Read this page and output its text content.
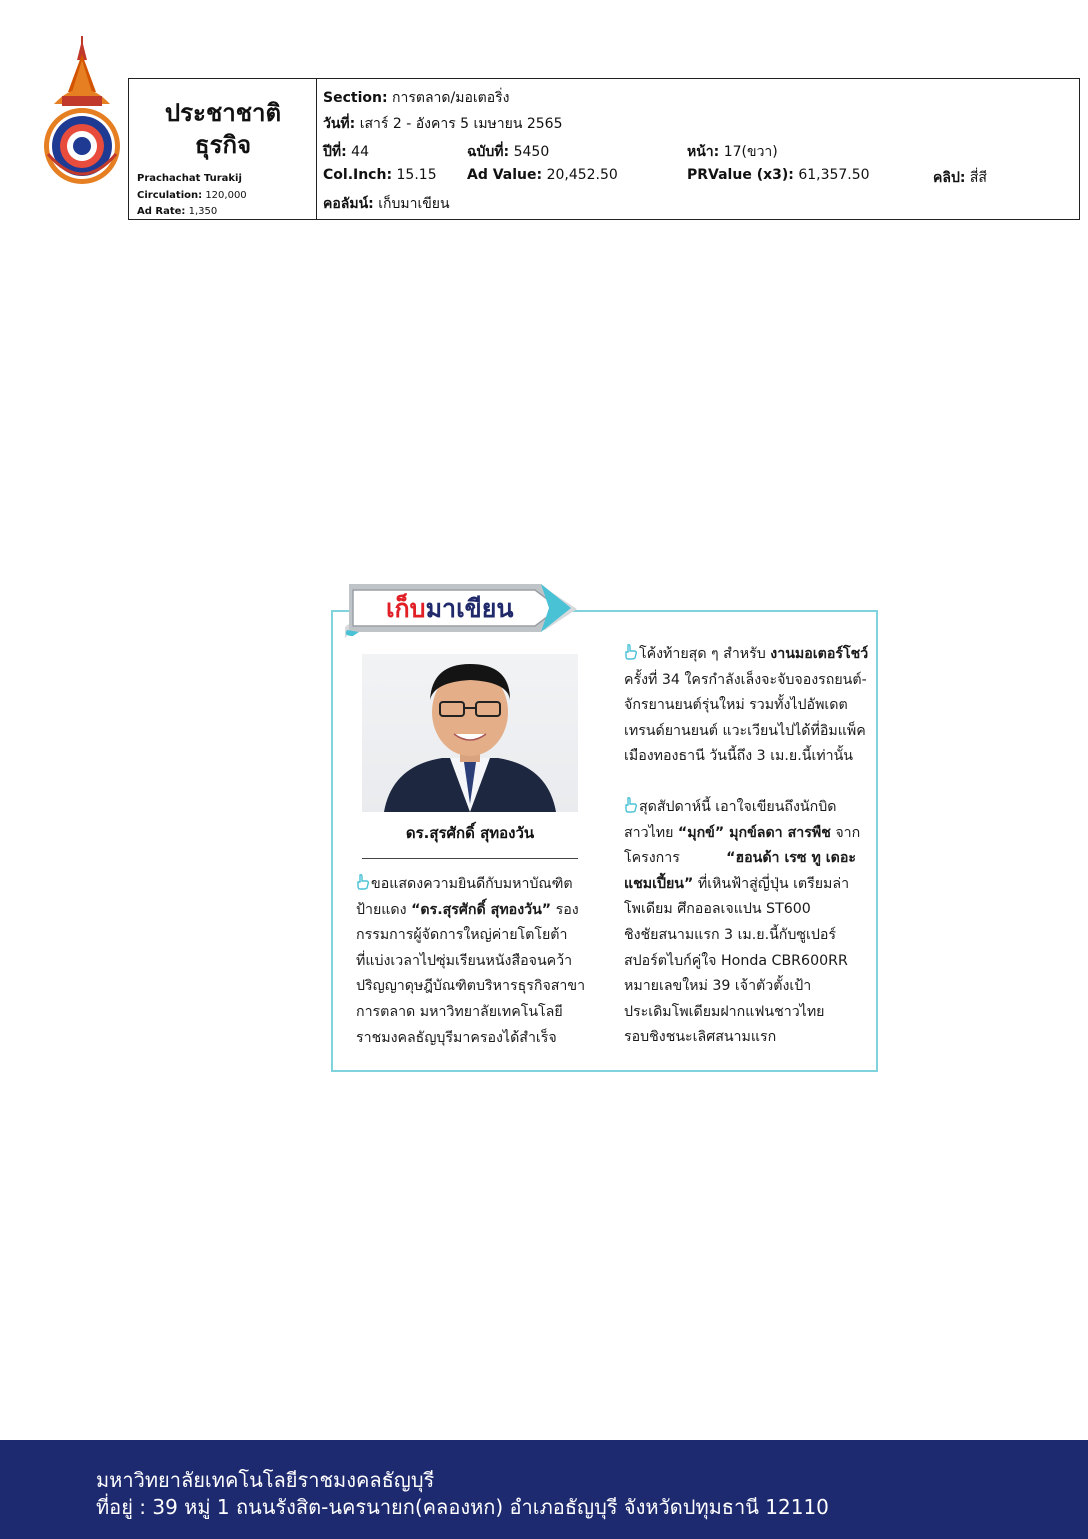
ประชาชาติ
ธุรกิจ
Prachachat Turakij
Circulation: 120,000
Ad Rate: 1,350
Section: การตลาด/มอเตอริ่ง
วันที่: เสาร์ 2 - อังคาร 5 เมษายน 2565
ปีที่: 44	ฉบับที่: 5450	หน้า: 17(ขวา)
Col.Inch: 15.15 Ad Value: 20,452.50	PRValue (x3): 61,357.50	คลิป: สี่สี
คอลัมน์: เก็บมาเขียน
เก็บมาเขียน
ดร.สุรศักดิ์ สุทองวัน

ขอแสดงความยินดีกับมหาบัณฑิต

ป้ายแดง “ดร.สุรศักดิ์ สุทองวัน” รอง

กรรมการผู้จัดการใหญ่ค่ายโตโยต้า

ที่แบ่งเวลาไปซุ่มเรียนหนังสือจนคว้า

ปริญญาดุษฎีบัณฑิตบริหารธุรกิจสาขา

การตลาด มหาวิทยาลัยเทคโนโลยี

ราชมงคลธัญบุรีมาครองได้สำเร็จ

โค้งท้ายสุด ๆ สำหรับ งานมอเตอร์โชว์

ครั้งที่ 34 ใครกำลังเล็งจะจับจองรถยนต์-

จักรยานยนต์รุ่นใหม่ รวมทั้งไปอัพเดต

เทรนด์ยานยนต์ แวะเวียนไปได้ที่อิมแพ็ค

เมืองทองธานี วันนี้ถึง 3 เม.ย.นี้เท่านั้น

สุดสัปดาห์นี้ เอาใจเขียนถึงนักบิด

สาวไทย “มุกข์” มุกข์ลดา สารพืช จาก

โครงการ	“ฮอนด้า เรซ ทู เดอะ

แชมเปี้ยน” ที่เหินฟ้าสู่ญี่ปุ่น เตรียมล่า

โพเดียม ศึกออลเจแปน ST600

ชิงชัยสนามแรก 3 เม.ย.นี้กับซูเปอร์

สปอร์ตไบก์คู่ใจ Honda CBR600RR

หมายเลขใหม่ 39 เจ้าตัวตั้งเป้า

ประเดิมโพเดียมฝากแฟนชาวไทย

รอบชิงชนะเลิศสนามแรก

มหาวิทยาลัยเทคโนโลยีราชมงคลธัญบุรี
ที่อยู่ : 39 หมู่ 1 ถนนรังสิต-นครนายก(คลองหก) อำเภอธัญบุรี จังหวัดปทุมธานี 12110
